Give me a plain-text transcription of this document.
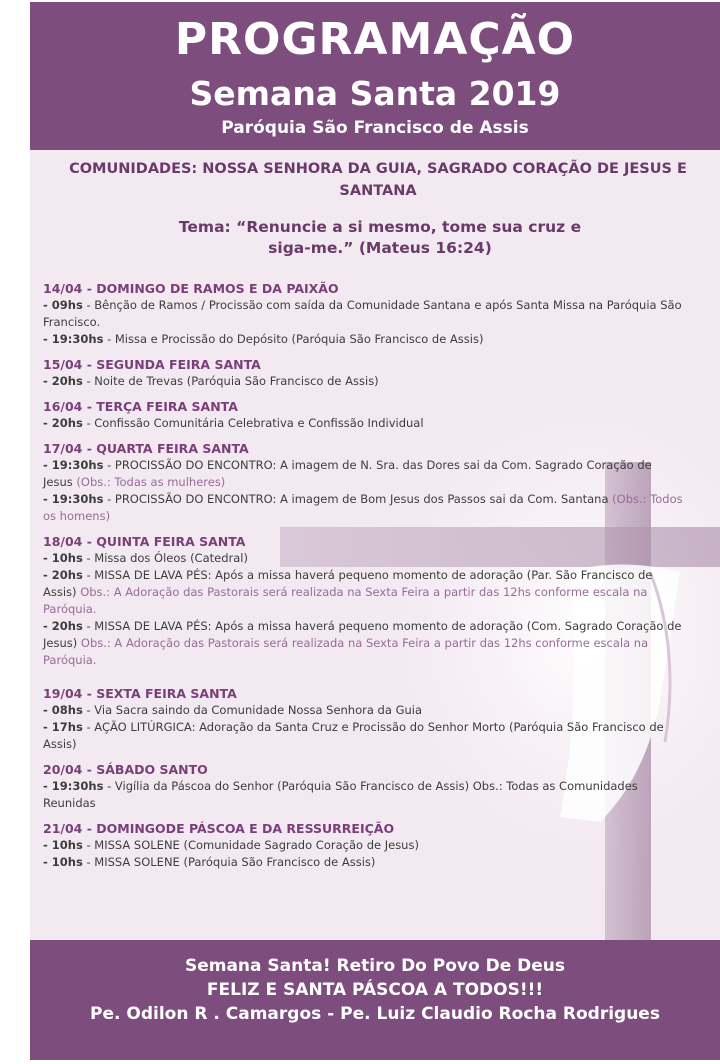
PROGRAMAÇÃO
Semana Santa 2019
Paróquia São Francisco de Assis
COMUNIDADES: NOSSA SENHORA DA GUIA, SAGRADO CORAÇÃO DE JESUS E SANTANA
Tema: “Renuncie a si mesmo, tome sua cruz e
siga-me.” (Mateus 16:24)
14/04 - DOMINGO DE RAMOS E DA PAIXÃO
- 09hs - Bênção de Ramos / Procissão com saída da Comunidade Santana e após Santa Missa na Paróquia São Francisco.
- 19:30hs - Missa e Procissão do Depósito (Paróquia São Francisco de Assis)
15/04 - SEGUNDA FEIRA SANTA
- 20hs - Noite de Trevas (Paróquia São Francisco de Assis)
16/04 - TERÇA FEIRA SANTA
- 20hs - Confissão Comunitária Celebrativa e Confissão Individual
17/04 - QUARTA FEIRA SANTA
- 19:30hs - PROCISSÃO DO ENCONTRO: A imagem de N. Sra. das Dores sai da Com. Sagrado Coração de Jesus (Obs.: Todas as mulheres)
- 19:30hs - PROCISSÃO DO ENCONTRO: A imagem de Bom Jesus dos Passos sai da Com. Santana (Obs.: Todos os homens)
18/04 - QUINTA FEIRA SANTA
- 10hs - Missa dos Óleos (Catedral)
- 20hs - MISSA DE LAVA PÉS: Após a missa haverá pequeno momento de adoração (Par. São Francisco de Assis) Obs.: A Adoração das Pastorais será realizada na Sexta Feira a partir das 12hs conforme escala na Paróquia.
- 20hs - MISSA DE LAVA PÉS: Após a missa haverá pequeno momento de adoração (Com. Sagrado Coração de Jesus) Obs.: A Adoração das Pastorais será realizada na Sexta Feira a partir das 12hs conforme escala na Paróquia.
19/04 - SEXTA FEIRA SANTA
- 08hs - Via Sacra saindo da Comunidade Nossa Senhora da Guia
- 17hs - AÇÃO LITÚRGICA: Adoração da Santa Cruz e Procissão do Senhor Morto (Paróquia São Francisco de Assis)
20/04 - SÁBADO SANTO
- 19:30hs - Vigília da Páscoa do Senhor (Paróquia São Francisco de Assis) Obs.: Todas as Comunidades Reunidas
21/04 - DOMINGODE PÁSCOA E DA RESSURREIÇÃO
- 10hs - MISSA SOLENE (Comunidade Sagrado Coração de Jesus)
- 10hs - MISSA SOLENE (Paróquia São Francisco de Assis)
Semana Santa! Retiro Do Povo De Deus
FELIZ E SANTA PÁSCOA A TODOS!!!
Pe. Odilon R . Camargos - Pe. Luiz Claudio Rocha Rodrigues
